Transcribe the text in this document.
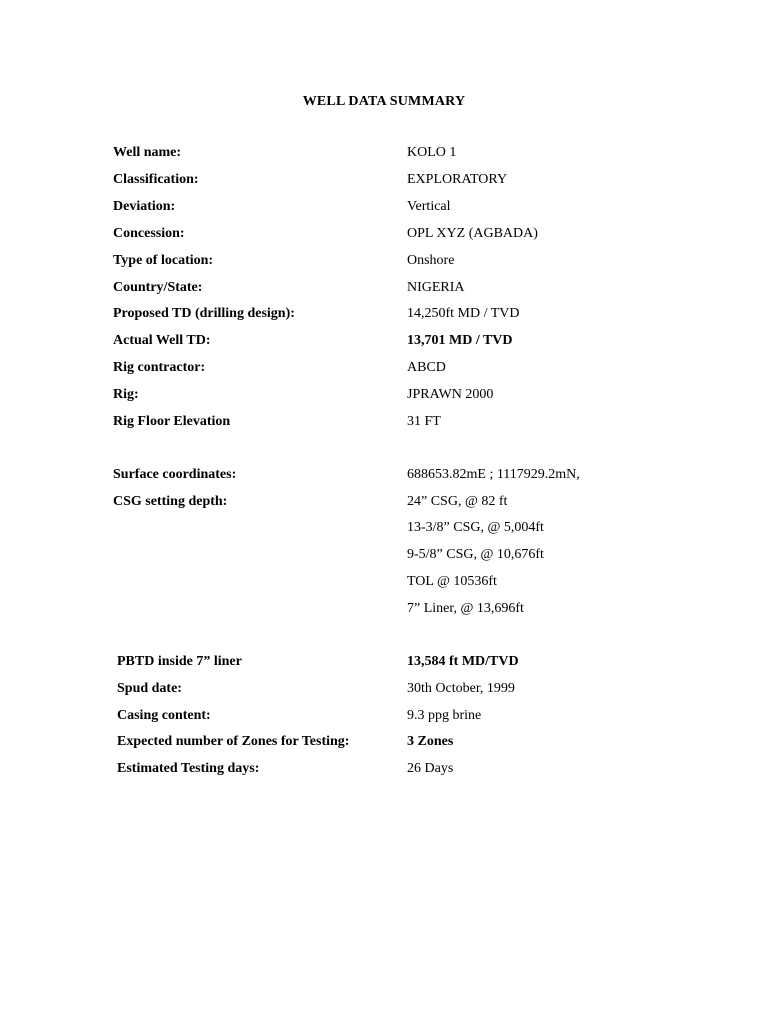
WELL DATA SUMMARY
Well name:	KOLO 1
Classification:	EXPLORATORY
Deviation:	Vertical
Concession:	OPL XYZ (AGBADA)
Type of location:	Onshore
Country/State:	NIGERIA
Proposed TD (drilling design):	14,250ft MD / TVD
Actual Well TD:	13,701 MD / TVD
Rig contractor:	ABCD
Rig:	JPRAWN 2000
Rig Floor Elevation	31 FT
Surface coordinates:	688653.82mE ; 1117929.2mN,
CSG setting depth:	24” CSG, @ 82 ft
13-3/8” CSG, @ 5,004ft
9-5/8” CSG, @ 10,676ft
TOL @ 10536ft
7” Liner, @ 13,696ft
PBTD inside 7” liner	13,584 ft MD/TVD
Spud date:	30th October, 1999
Casing content:	9.3 ppg brine
Expected number of Zones for Testing:	3 Zones
Estimated Testing days:	26 Days
